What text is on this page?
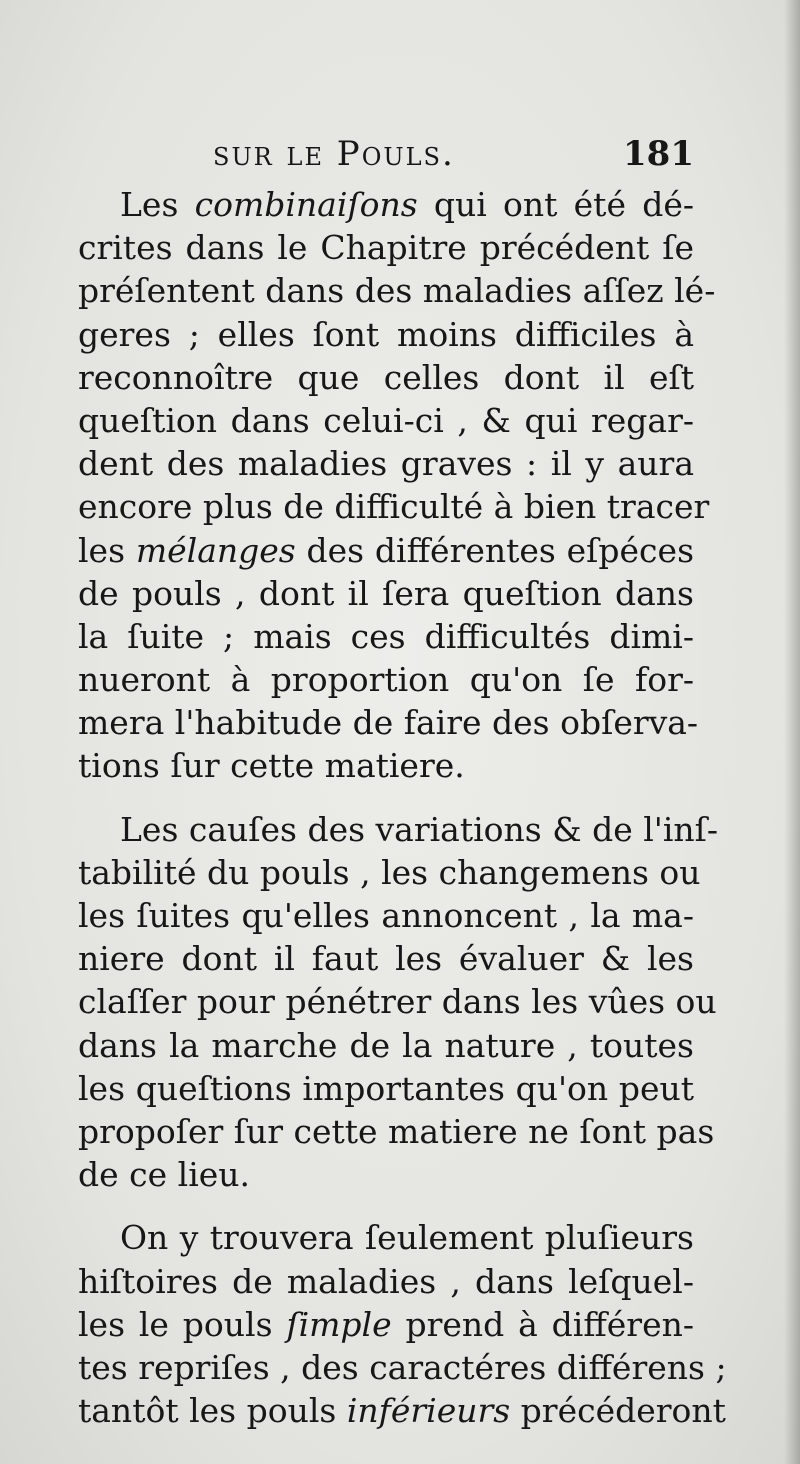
sur le Pouls.	181

Les combinaiſons qui ont été dé-
crites dans le Chapitre précédent ſe
préſentent dans des maladies aſſez lé-
geres ; elles ſont moins difficiles à
reconnoître que celles dont il eſt
queſtion dans celui-ci , & qui regar-
dent des maladies graves : il y aura
encore plus de difficulté à bien tracer
les mélanges des différentes eſpéces
de pouls , dont il ſera queſtion dans
la ſuite ; mais ces difficultés dimi-
nueront à proportion qu'on ſe for-
mera l'habitude de faire des obſerva-
tions ſur cette matiere.

Les cauſes des variations & de l'inſ-
tabilité du pouls , les changemens ou
les ſuites qu'elles annoncent , la ma-
niere dont il faut les évaluer & les
claſſer pour pénétrer dans les vûes ou
dans la marche de la nature , toutes
les queſtions importantes qu'on peut
propoſer ſur cette matiere ne ſont pas
de ce lieu.

On y trouvera ſeulement pluſieurs
hiſtoires de maladies , dans leſquel-
les le pouls ſimple prend à différen-
tes repriſes , des caractéres différens ;
tantôt les pouls inférieurs précéderont
